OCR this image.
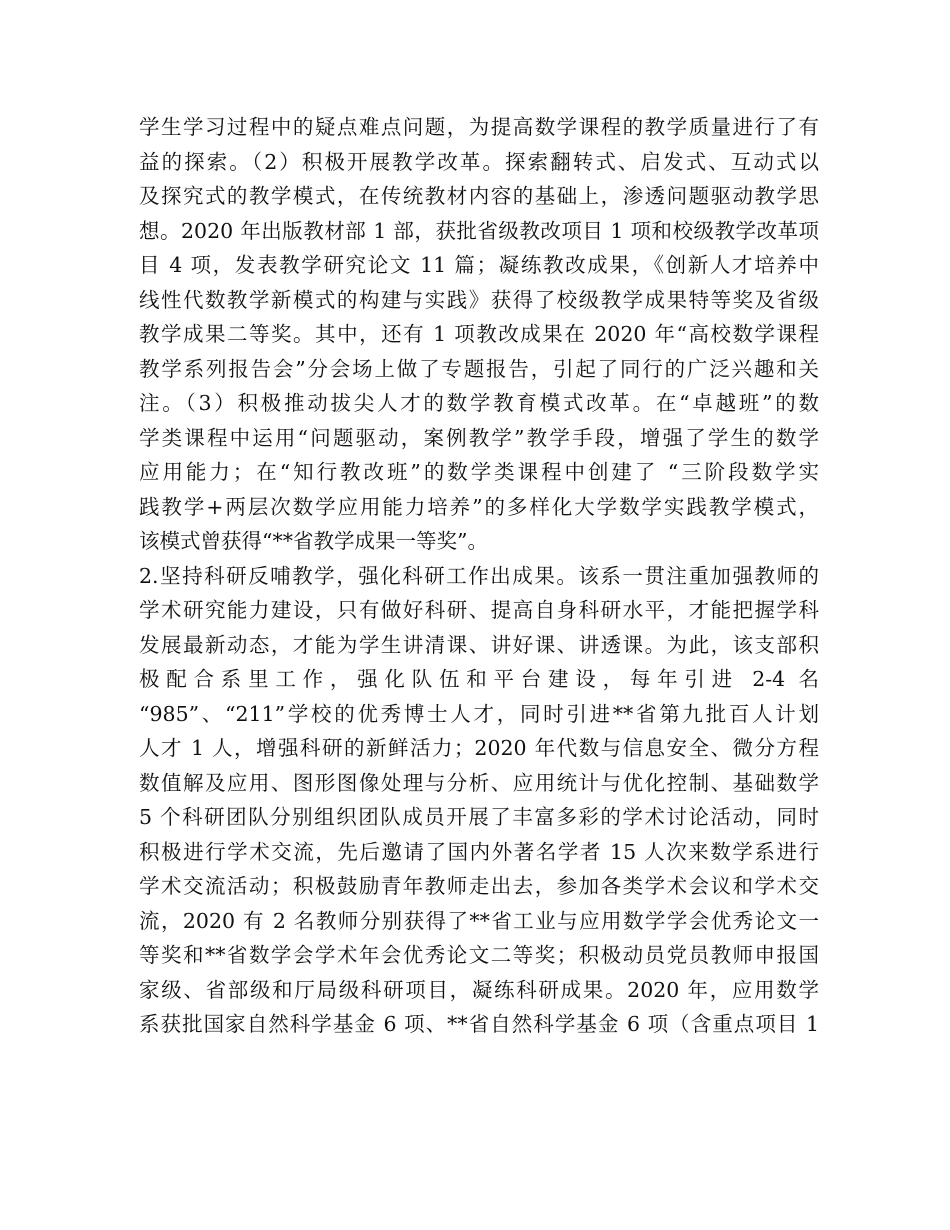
学生学习过程中的疑点难点问题，为提高数学课程的教学质量进行了有
益的探索。（2）积极开展教学改革。探索翻转式、启发式、互动式以
及探究式的教学模式，在传统教材内容的基础上，渗透问题驱动教学思
想。2020 年出版教材部 1 部，获批省级教改项目 1 项和校级教学改革项
目 4 项，发表教学研究论文 11 篇；凝练教改成果，《创新人才培养中
线性代数教学新模式的构建与实践》获得了校级教学成果特等奖及省级
教学成果二等奖。其中，还有 1 项教改成果在 2020 年“高校数学课程
教学系列报告会”分会场上做了专题报告，引起了同行的广泛兴趣和关
注。（3）积极推动拔尖人才的数学教育模式改革。在“卓越班”的数
学类课程中运用“问题驱动，案例教学”教学手段，增强了学生的数学
应用能力；在“知行教改班”的数学类课程中创建了 “三阶段数学实
践教学+两层次数学应用能力培养”的多样化大学数学实践教学模式，
该模式曾获得“**省教学成果一等奖”。
2.坚持科研反哺教学，强化科研工作出成果。该系一贯注重加强教师的
学术研究能力建设，只有做好科研、提高自身科研水平，才能把握学科
发展最新动态，才能为学生讲清课、讲好课、讲透课。为此，该支部积
极配合系里工作，强化队伍和平台建设，每年引进 2-4 名
“985”、“211”学校的优秀博士人才，同时引进**省第九批百人计划
人才 1 人，增强科研的新鲜活力；2020 年代数与信息安全、微分方程
数值解及应用、图形图像处理与分析、应用统计与优化控制、基础数学
5 个科研团队分别组织团队成员开展了丰富多彩的学术讨论活动，同时
积极进行学术交流，先后邀请了国内外著名学者 15 人次来数学系进行
学术交流活动；积极鼓励青年教师走出去，参加各类学术会议和学术交
流，2020 有 2 名教师分别获得了**省工业与应用数学学会优秀论文一
等奖和**省数学会学术年会优秀论文二等奖；积极动员党员教师申报国
家级、省部级和厅局级科研项目，凝练科研成果。2020 年，应用数学
系获批国家自然科学基金 6 项、**省自然科学基金 6 项（含重点项目 1
